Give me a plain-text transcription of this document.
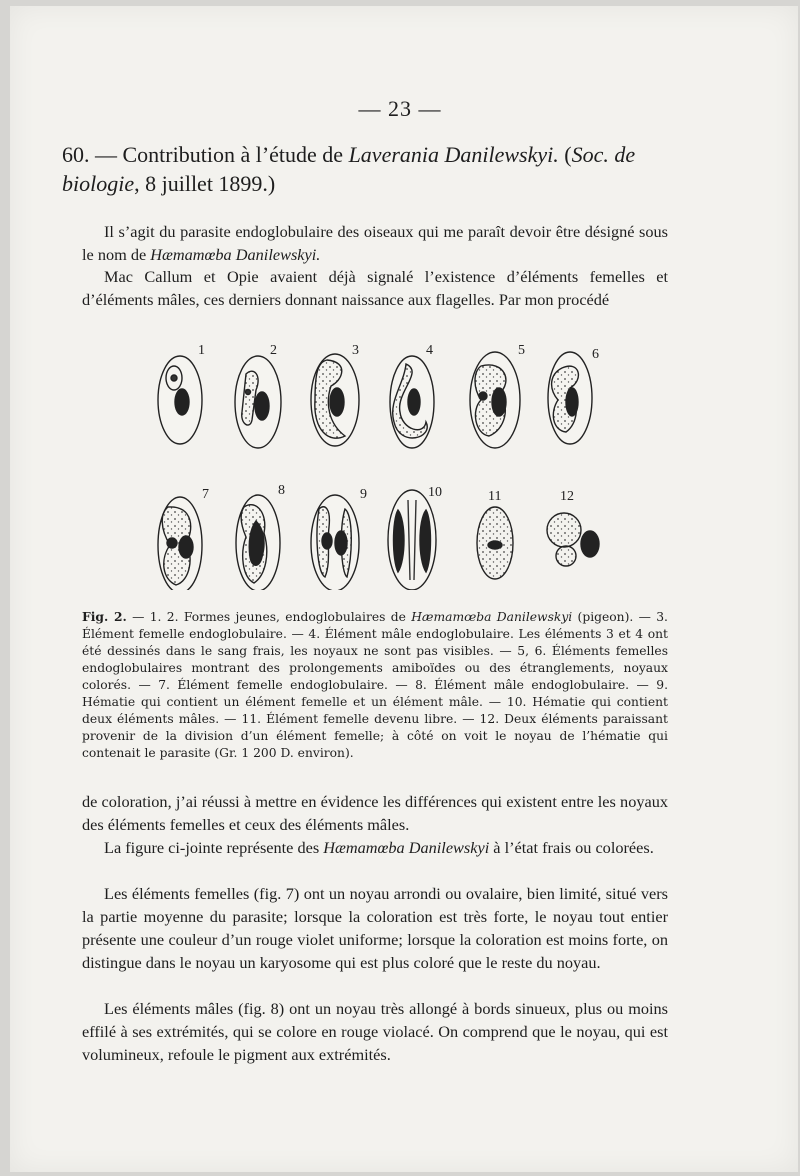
— 23 —
60. — Contribution à l’étude de Laverania Danilewskyi. (Soc. de biologie, 8 juillet 1899.)
Il s’agit du parasite endoglobulaire des oiseaux qui me paraît devoir être désigné sous le nom de Hæmamœba Danilewskyi.
Mac Callum et Opie avaient déjà signalé l’existence d’éléments femelles et d’éléments mâles, ces derniers donnant naissance aux flagelles. Par mon procédé
1	2	3	4	5	6
7	8	9	10	11	12
Fig. 2. — 1. 2. Formes jeunes, endoglobulaires de Hæmamœba Danilewskyi (pigeon). — 3. Élément femelle endoglobulaire. — 4. Élément mâle endoglobulaire. Les éléments 3 et 4 ont été dessinés dans le sang frais, les noyaux ne sont pas visibles. — 5, 6. Éléments femelles endoglobulaires montrant des prolongements amiboïdes ou des étranglements, noyaux colorés. — 7. Élément femelle endoglobulaire. — 8. Élément mâle endoglobulaire. — 9. Hématie qui contient un élément femelle et un élément mâle. — 10. Hématie qui contient deux éléments mâles. — 11. Élément femelle devenu libre. — 12. Deux éléments paraissant provenir de la division d’un élément femelle; à côté on voit le noyau de l’hématie qui contenait le parasite (Gr. 1 200 D. environ).
de coloration, j’ai réussi à mettre en évidence les différences qui existent entre les noyaux des éléments femelles et ceux des éléments mâles.
La figure ci-jointe représente des Hæmamœba Danilewskyi à l’état frais ou colorées.
Les éléments femelles (fig. 7) ont un noyau arrondi ou ovalaire, bien limité, situé vers la partie moyenne du parasite; lorsque la coloration est très forte, le noyau tout entier présente une couleur d’un rouge violet uniforme; lorsque la coloration est moins forte, on distingue dans le noyau un karyosome qui est plus coloré que le reste du noyau.
Les éléments mâles (fig. 8) ont un noyau très allongé à bords sinueux, plus ou moins effilé à ses extrémités, qui se colore en rouge violacé. On comprend que le noyau, qui est volumineux, refoule le pigment aux extrémités.
